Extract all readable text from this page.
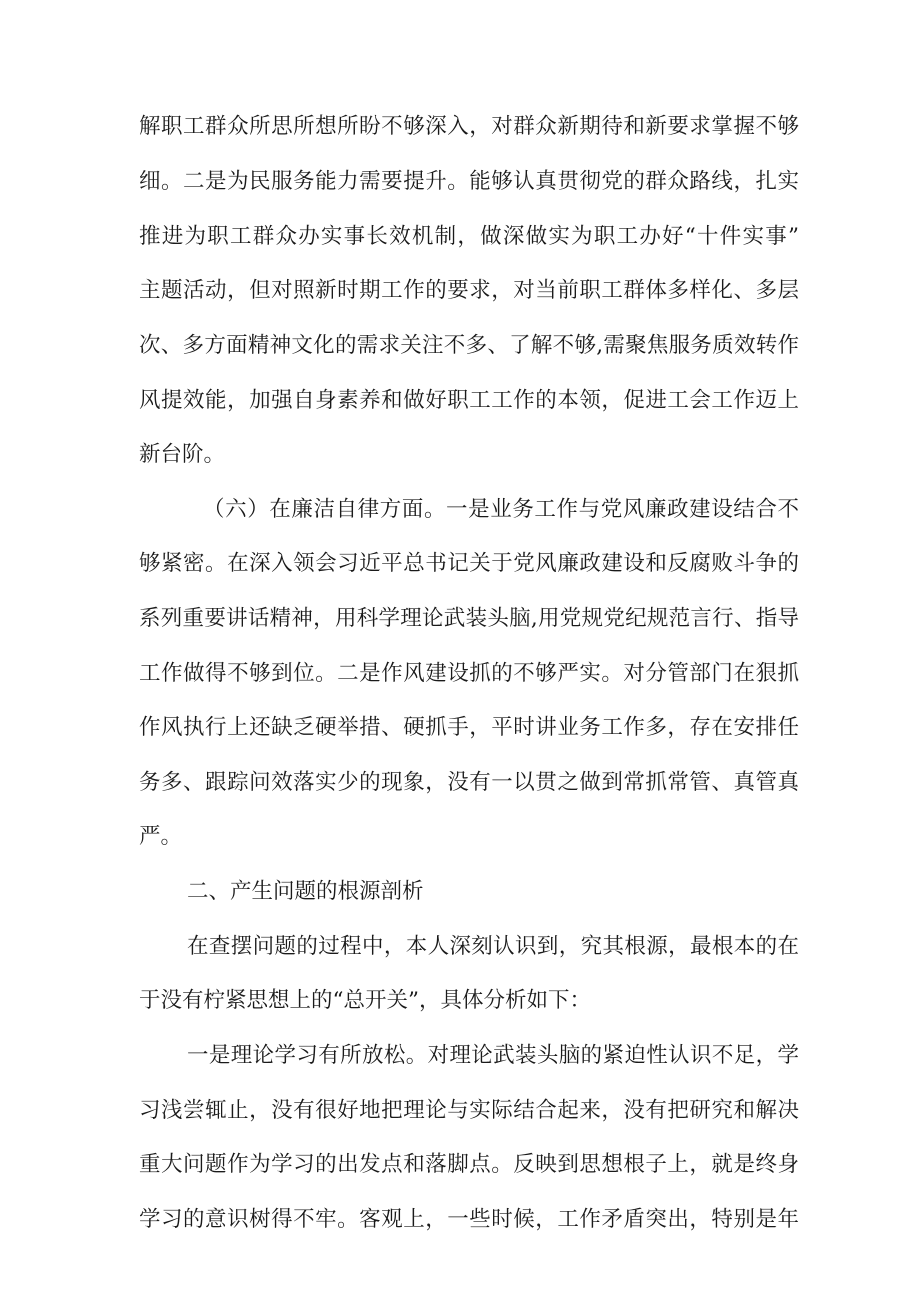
解职工群众所思所想所盼不够深入，对群众新期待和新要求掌握不够
细。二是为民服务能力需要提升。能够认真贯彻党的群众路线，扎实
推进为职工群众办实事长效机制，做深做实为职工办好“十件实事”
主题活动，但对照新时期工作的要求，对当前职工群体多样化、多层
次、多方面精神文化的需求关注不多、了解不够,需聚焦服务质效转作
风提效能，加强自身素养和做好职工工作的本领，促进工会工作迈上
新台阶。
（六）在廉洁自律方面。一是业务工作与党风廉政建设结合不
够紧密。在深入领会习近平总书记关于党风廉政建设和反腐败斗争的
系列重要讲话精神，用科学理论武装头脑,用党规党纪规范言行、指导
工作做得不够到位。二是作风建设抓的不够严实。对分管部门在狠抓
作风执行上还缺乏硬举措、硬抓手，平时讲业务工作多，存在安排任
务多、跟踪问效落实少的现象，没有一以贯之做到常抓常管、真管真
严。
二、产生问题的根源剖析
在查摆问题的过程中，本人深刻认识到，究其根源，最根本的在
于没有柠紧思想上的“总开关”，具体分析如下：
一是理论学习有所放松。对理论武装头脑的紧迫性认识不足，学
习浅尝辄止，没有很好地把理论与实际结合起来，没有把研究和解决
重大问题作为学习的出发点和落脚点。反映到思想根子上，就是终身
学习的意识树得不牢。客观上，一些时候，工作矛盾突出，特别是年
